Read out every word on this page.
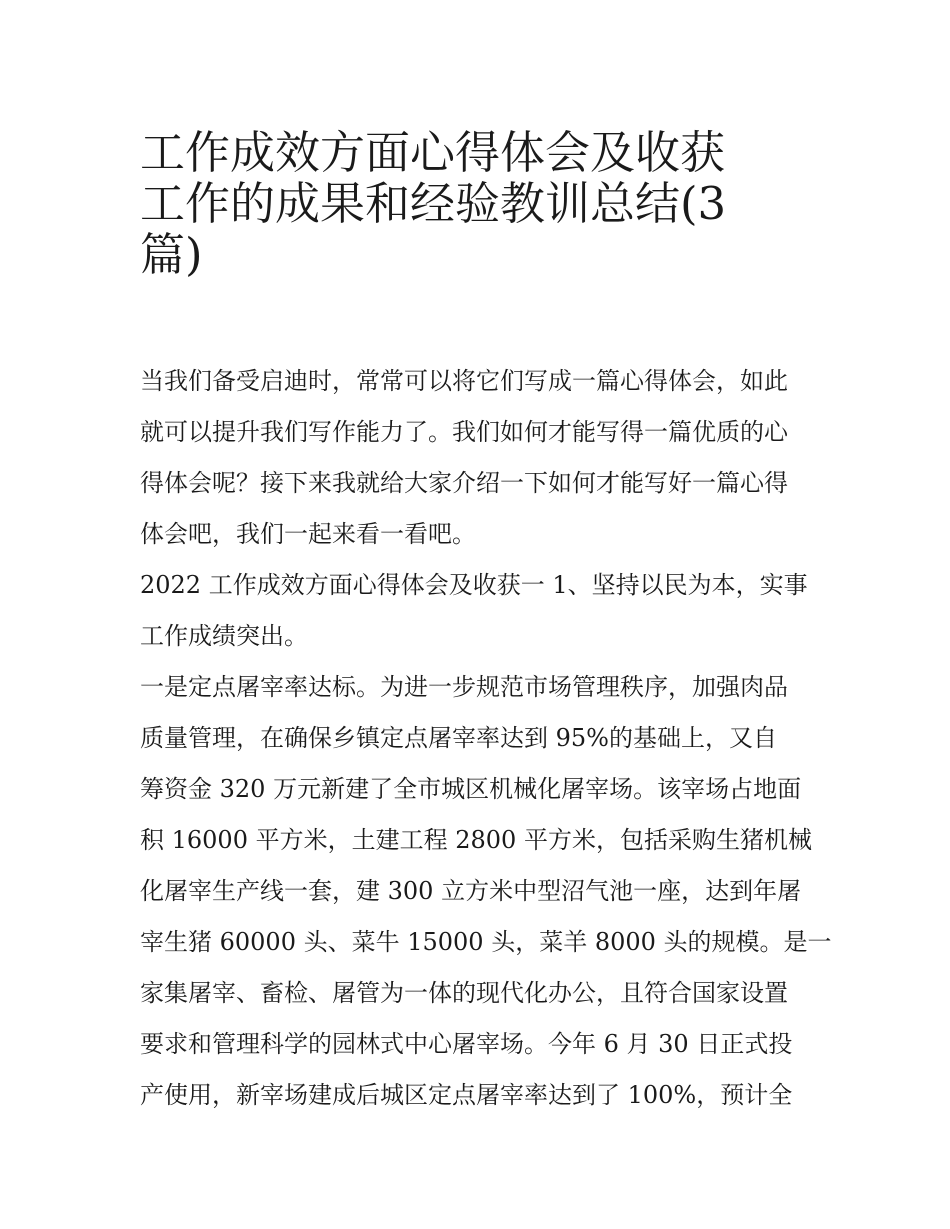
工作成效方面心得体会及收获
工作的成果和经验教训总结(3
篇)

当我们备受启迪时，常常可以将它们写成一篇心得体会，如此
就可以提升我们写作能力了。我们如何才能写得一篇优质的心
得体会呢？接下来我就给大家介绍一下如何才能写好一篇心得
体会吧，我们一起来看一看吧。

2022 工作成效方面心得体会及收获一 1、坚持以民为本，实事
工作成绩突出。

一是定点屠宰率达标。为进一步规范市场管理秩序，加强肉品
质量管理，在确保乡镇定点屠宰率达到 95%的基础上，又自
筹资金 320 万元新建了全市城区机械化屠宰场。该宰场占地面
积 16000 平方米，土建工程 2800 平方米，包括采购生猪机械
化屠宰生产线一套，建 300 立方米中型沼气池一座，达到年屠
宰生猪 60000 头、菜牛 15000 头，菜羊 8000 头的规模。是一
家集屠宰、畜检、屠管为一体的现代化办公，且符合国家设置
要求和管理科学的园林式中心屠宰场。今年 6 月 30 日正式投
产使用，新宰场建成后城区定点屠宰率达到了 100%，预计全
